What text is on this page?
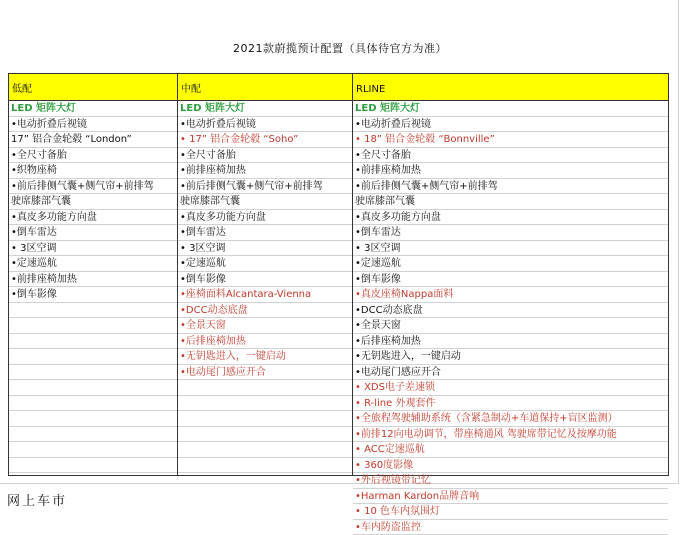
2021款蔚揽预计配置（具体待官方为准）
低配
LED 矩阵大灯
•电动折叠后视镜
17” 铝合金轮毂 “London”
•全尺寸备胎
•织物座椅
•前后排侧气囊+侧气帘+前排驾
驶席膝部气囊
•真皮多功能方向盘
•倒车雷达
• 3区空调
•定速巡航
•前排座椅加热
•倒车影像
中配
LED 矩阵大灯
•电动折叠后视镜
• 17” 铝合金轮毂 “Soho”
•全尺寸备胎
•前排座椅加热
•前后排侧气囊+侧气帘+前排驾
驶席膝部气囊
•真皮多功能方向盘
•倒车雷达
• 3区空调
•定速巡航
•倒车影像
•座椅面料Alcantara-Vienna
•DCC动态底盘
•全景天窗
•后排座椅加热
•无钥匙进入，一键启动
•电动尾门感应开合
RLINE
LED 矩阵大灯
•电动折叠后视镜
• 18” 铝合金轮毂 “Bonnville”
•全尺寸备胎
•前排座椅加热
•前后排侧气囊+侧气帘+前排驾
驶席膝部气囊
•真皮多功能方向盘
•倒车雷达
• 3区空调
•定速巡航
•倒车影像
•真皮座椅Nappa面料
•DCC动态底盘
•全景天窗
•后排座椅加热
•无钥匙进入，一键启动
•电动尾门感应开合
• XDS电子差速锁
• R-line 外观套件
•全旅程驾驶辅助系统（含紧急制动+车道保持+盲区监测）
•前排12向电动调节，带座椅通风 驾驶席带记忆及按摩功能
• ACC定速巡航
• 360度影像
•外后视镜带记忆
•Harman Kardon品牌音响
• 10 色车内氛围灯
•车内防盗监控
网上车市
